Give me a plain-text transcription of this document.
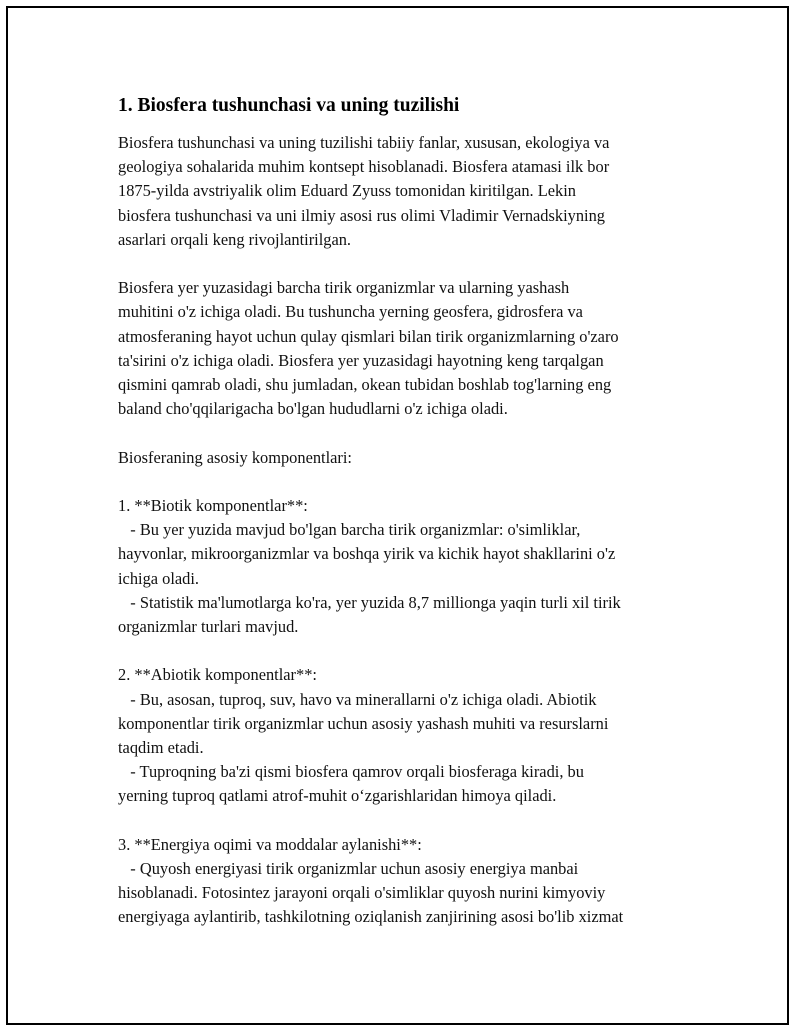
1. Biosfera tushunchasi va uning tuzilishi

Biosfera tushunchasi va uning tuzilishi tabiiy fanlar, xususan, ekologiya va
geologiya sohalarida muhim kontsept hisoblanadi. Biosfera atamasi ilk bor
1875-yilda avstriyalik olim Eduard Zyuss tomonidan kiritilgan. Lekin
biosfera tushunchasi va uni ilmiy asosi rus olimi Vladimir Vernadskiyning
asarlari orqali keng rivojlantirilgan.

Biosfera yer yuzasidagi barcha tirik organizmlar va ularning yashash
muhitini o'z ichiga oladi. Bu tushuncha yerning geosfera, gidrosfera va
atmosferaning hayot uchun qulay qismlari bilan tirik organizmlarning o'zaro
ta'sirini o'z ichiga oladi. Biosfera yer yuzasidagi hayotning keng tarqalgan
qismini qamrab oladi, shu jumladan, okean tubidan boshlab tog'larning eng
baland cho'qqilarigacha bo'lgan hududlarni o'z ichiga oladi.

Biosferaning asosiy komponentlari:

1. **Biotik komponentlar**:
- Bu yer yuzida mavjud bo'lgan barcha tirik organizmlar: o'simliklar,
hayvonlar, mikroorganizmlar va boshqa yirik va kichik hayot shakllarini o'z
ichiga oladi.
- Statistik ma'lumotlarga ko'ra, yer yuzida 8,7 millionga yaqin turli xil tirik
organizmlar turlari mavjud.

2. **Abiotik komponentlar**:
- Bu, asosan, tuproq, suv, havo va minerallarni o'z ichiga oladi. Abiotik
komponentlar tirik organizmlar uchun asosiy yashash muhiti va resurslarni
taqdim etadi.
- Tuproqning ba'zi qismi biosfera qamrov orqali biosferaga kiradi, bu
yerning tuproq qatlami atrof-muhit o‘zgarishlaridan himoya qiladi.

3. **Energiya oqimi va moddalar aylanishi**:
- Quyosh energiyasi tirik organizmlar uchun asosiy energiya manbai
hisoblanadi. Fotosintez jarayoni orqali o'simliklar quyosh nurini kimyoviy
energiyaga aylantirib, tashkilotning oziqlanish zanjirining asosi bo'lib xizmat
